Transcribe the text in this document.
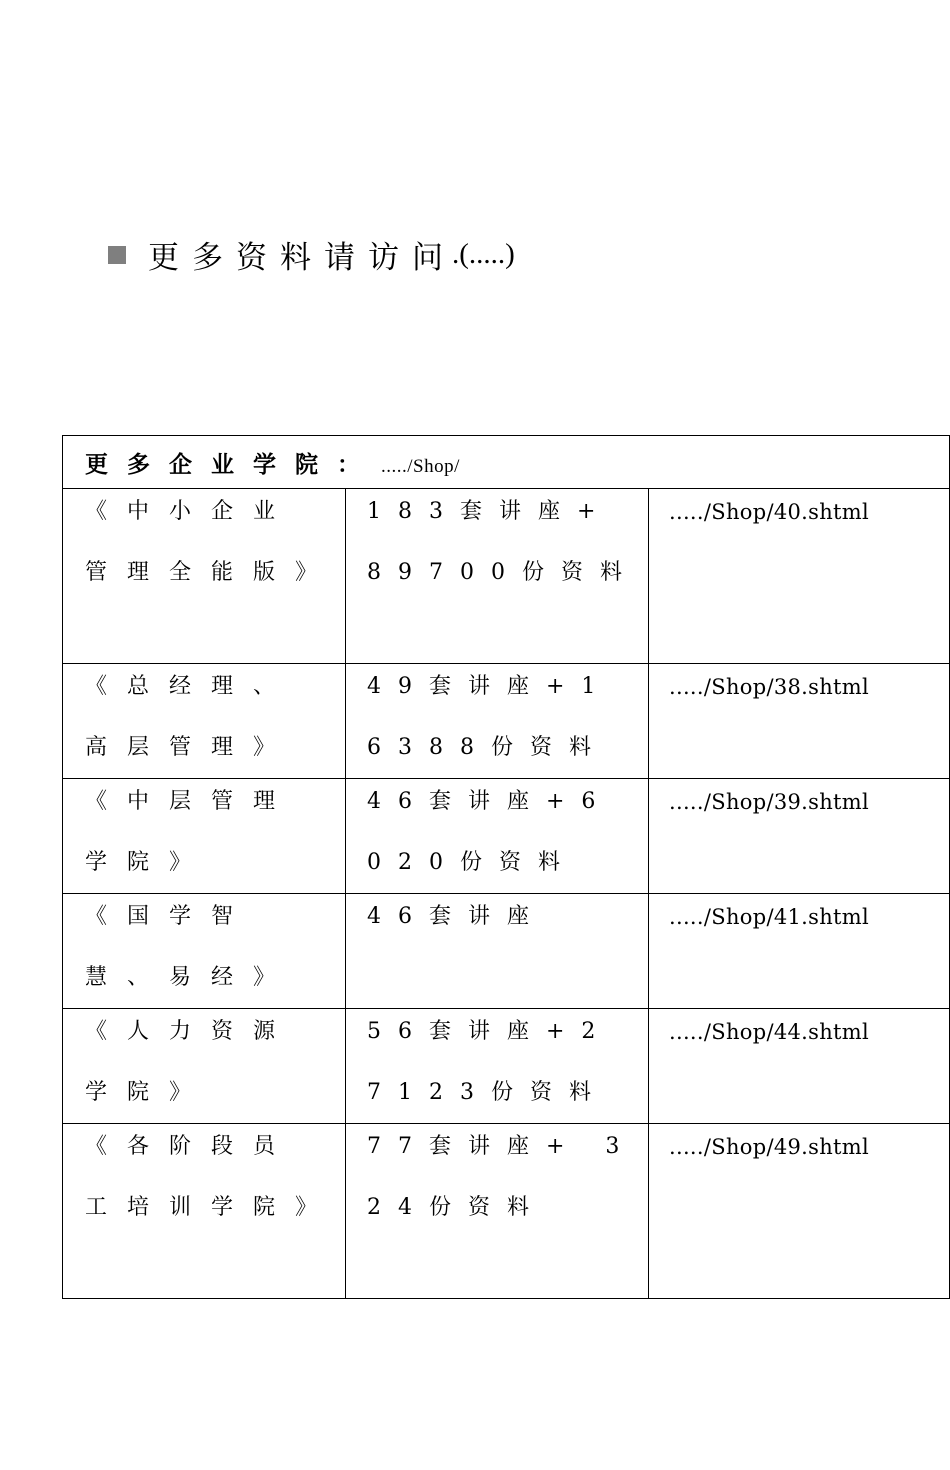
更多资料请访问
.(.....)
更多企业学院： ...../Shop/		

《中小企业管理全能版》	183套讲座+89700份资料	...../Shop/40.shtml

《总经理、高层管理》	49套讲座+16388份资料	...../Shop/38.shtml

《中层管理学院》	46套讲座+6020份资料	...../Shop/39.shtml

《国学智慧、易经》	46套讲座	...../Shop/41.shtml

《人力资源学院》	56套讲座+27123份资料	...../Shop/44.shtml

《各阶段员工培训学院》	77套讲座+ 324份资料	...../Shop/49.shtml
